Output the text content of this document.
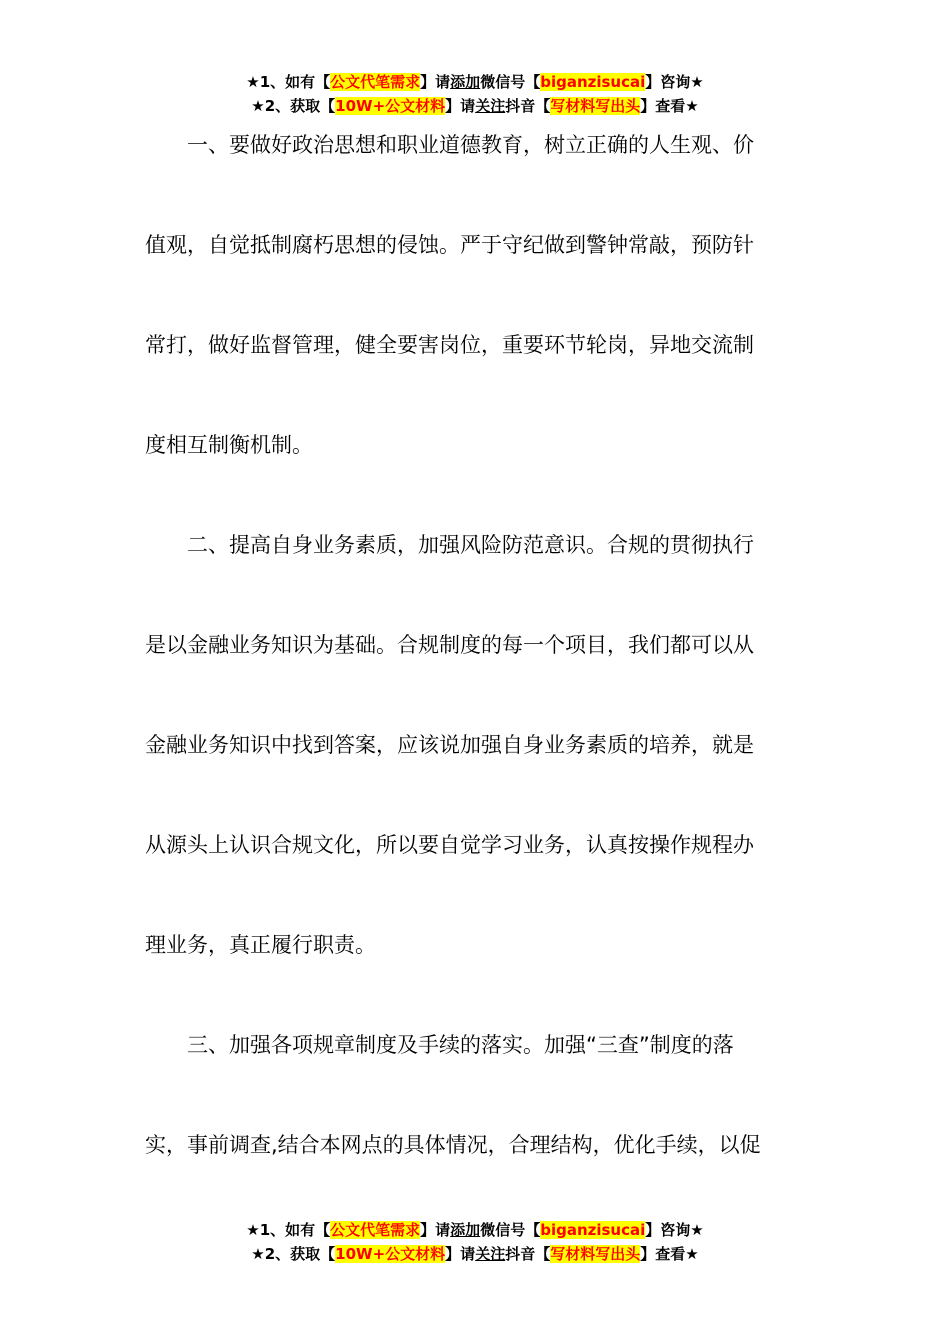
★1、如有【公文代笔需求】请添加微信号【biganzisucai】咨询★
★2、获取【10W+公文材料】请关注抖音【写材料写出头】查看★
　　一、要做好政治思想和职业道德教育，树立正确的人生观、价
值观，自觉抵制腐朽思想的侵蚀。严于守纪做到警钟常敲，预防针
常打，做好监督管理，健全要害岗位，重要环节轮岗，异地交流制
度相互制衡机制。
　　二、提高自身业务素质，加强风险防范意识。合规的贯彻执行
是以金融业务知识为基础。合规制度的每一个项目，我们都可以从
金融业务知识中找到答案，应该说加强自身业务素质的培养，就是
从源头上认识合规文化，所以要自觉学习业务，认真按操作规程办
理业务，真正履行职责。
　　三、加强各项规章制度及手续的落实。加强“三查”制度的落
实，事前调查,结合本网点的具体情况，合理结构，优化手续，以促
★1、如有【公文代笔需求】请添加微信号【biganzisucai】咨询★
★2、获取【10W+公文材料】请关注抖音【写材料写出头】查看★
